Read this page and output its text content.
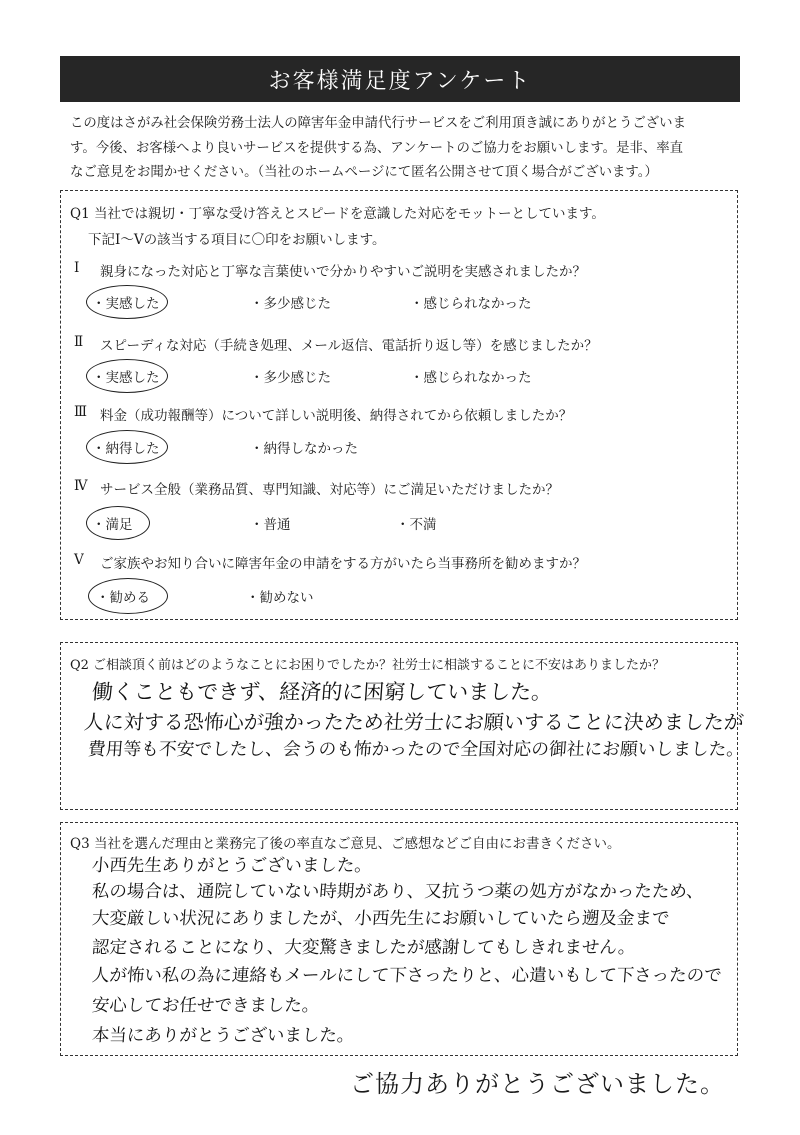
お客様満足度アンケート
この度はさがみ社会保険労務士法人の障害年金申請代行サービスをご利用頂き誠にありがとうございま
す。今後、お客様へより良いサービスを提供する為、アンケートのご協力をお願いします。是非、率直
なご意見をお聞かせください。（当社のホームページにて匿名公開させて頂く場合がございます。）
Q1 当社では親切・丁寧な受け答えとスピードを意識した対応をモットーとしています。
下記Ⅰ～Ⅴの該当する項目に〇印をお願いします。
Ⅰ 親身になった対応と丁寧な言葉使いで分かりやすいご説明を実感されましたか？
・実感した	・多少感じた	・感じられなかった
Ⅱ スピーディな対応（手続き処理、メール返信、電話折り返し等）を感じましたか？
・実感した	・多少感じた	・感じられなかった
Ⅲ 料金（成功報酬等）について詳しい説明後、納得されてから依頼しましたか？
・納得した	・納得しなかった
Ⅳ サービス全般（業務品質、専門知識、対応等）にご満足いただけましたか？
・満足	・普通	・不満
Ⅴ ご家族やお知り合いに障害年金の申請をする方がいたら当事務所を勧めますか？
・勧める	・勧めない
Q2 ご相談頂く前はどのようなことにお困りでしたか？社労士に相談することに不安はありましたか？
働くこともできず、経済的に困窮していました。
人に対する恐怖心が強かったため社労士にお願いすることに決めましたが
費用等も不安でしたし、会うのも怖かったので全国対応の御社にお願いしました。
Q3 当社を選んだ理由と業務完了後の率直なご意見、ご感想などご自由にお書きください。
小西先生ありがとうございました。
私の場合は、通院していない時期があり、又抗うつ薬の処方がなかったため、
大変厳しい状況にありましたが、小西先生にお願いしていたら遡及金まで
認定されることになり、大変驚きましたが感謝してもしきれません。
人が怖い私の為に連絡もメールにして下さったりと、心遣いもして下さったので
安心してお任せできました。
本当にありがとうございました。
ご協力ありがとうございました。
